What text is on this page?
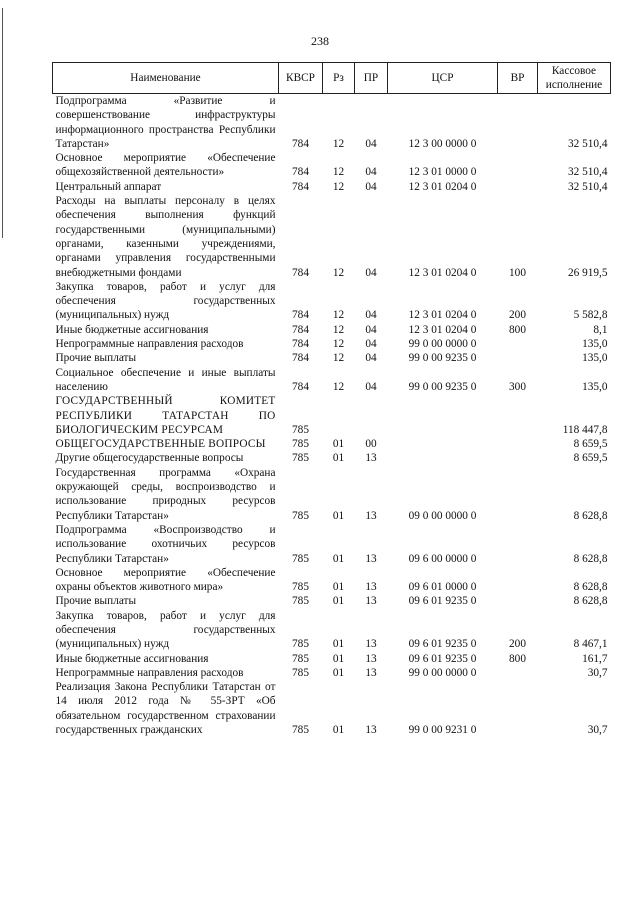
238
Наименование	КВСР	Рз	ПР	ЦСР	ВР	Кассовое исполнение
Подпрограмма «Развитие и совершенствование инфраструктуры информационного пространства Республики Татарстан»	784	12	04	12 3 00 0000 0		32 510,4
Основное мероприятие «Обеспечение общехозяйственной деятельности»	784	12	04	12 3 01 0000 0		32 510,4
Центральный аппарат	784	12	04	12 3 01 0204 0		32 510,4
Расходы на выплаты персоналу в целях обеспечения выполнения функций государственными (муниципальными) органами, казенными учреждениями, органами управления государственными внебюджетными фондами	784	12	04	12 3 01 0204 0	100	26 919,5
Закупка товаров, работ и услуг для обеспечения государственных (муниципальных) нужд	784	12	04	12 3 01 0204 0	200	5 582,8
Иные бюджетные ассигнования	784	12	04	12 3 01 0204 0	800	8,1
Непрограммные направления расходов	784	12	04	99 0 00 0000 0		135,0
Прочие выплаты	784	12	04	99 0 00 9235 0		135,0
Социальное обеспечение и иные выплаты населению	784	12	04	99 0 00 9235 0	300	135,0
ГОСУДАРСТВЕННЫЙ КОМИТЕТ РЕСПУБЛИКИ ТАТАРСТАН ПО БИОЛОГИЧЕСКИМ РЕСУРСАМ	785					118 447,8
ОБЩЕГОСУДАРСТВЕННЫЕ ВОПРОСЫ	785	01	00			8 659,5
Другие общегосударственные вопросы	785	01	13			8 659,5
Государственная программа «Охрана окружающей среды, воспроизводство и использование природных ресурсов Республики Татарстан»	785	01	13	09 0 00 0000 0		8 628,8
Подпрограмма «Воспроизводство и использование охотничьих ресурсов Республики Татарстан»	785	01	13	09 6 00 0000 0		8 628,8
Основное мероприятие «Обеспечение охраны объектов животного мира»	785	01	13	09 6 01 0000 0		8 628,8
Прочие выплаты	785	01	13	09 6 01 9235 0		8 628,8
Закупка товаров, работ и услуг для обеспечения государственных (муниципальных) нужд	785	01	13	09 6 01 9235 0	200	8 467,1
Иные бюджетные ассигнования	785	01	13	09 6 01 9235 0	800	161,7
Непрограммные направления расходов	785	01	13	99 0 00 0000 0		30,7
Реализация Закона Республики Татарстан от 14 июля 2012 года № 55-ЗРТ «Об обязательном государственном страховании государственных гражданских	785	01	13	99 0 00 9231 0		30,7
